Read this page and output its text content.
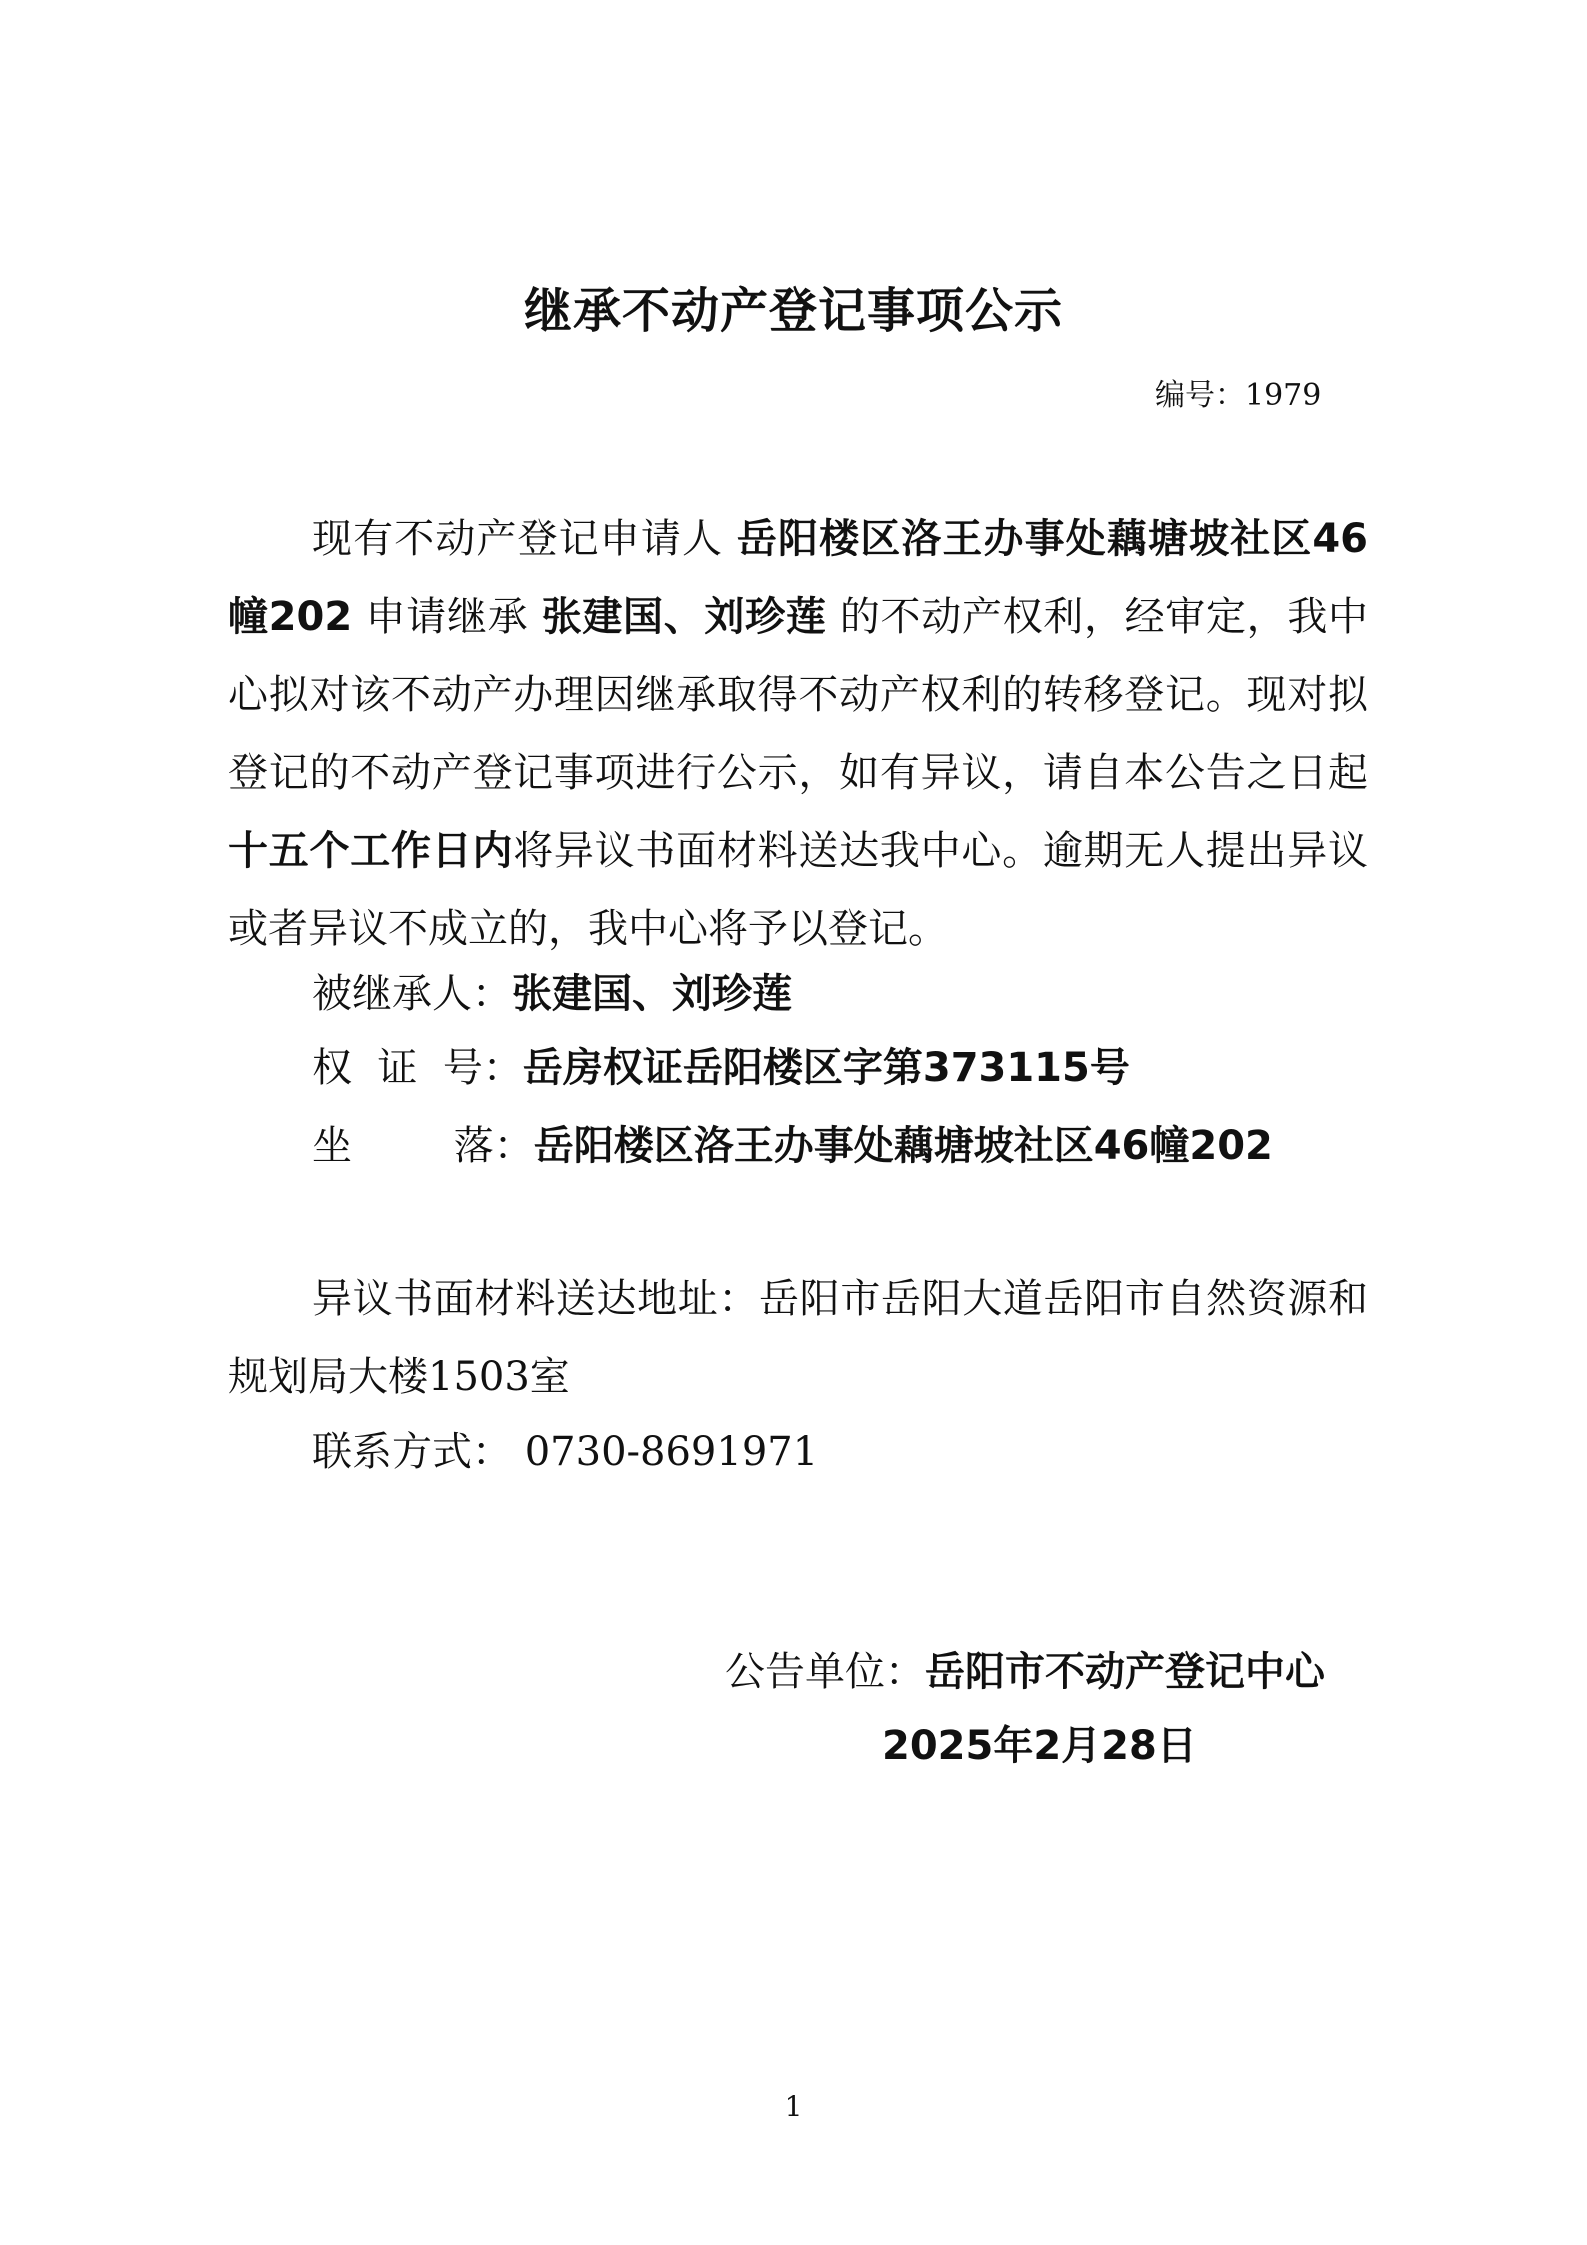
继承不动产登记事项公示
编号：1979
现有不动产登记申请人 岳阳楼区洛王办事处藕塘坡社区46幢202 申请继承 张建国、刘珍莲 的不动产权利，经审定，我中心拟对该不动产办理因继承取得不动产权利的转移登记。现对拟登记的不动产登记事项进行公示，如有异议，请自本公告之日起十五个工作日内将异议书面材料送达我中心。逾期无人提出异议或者异议不成立的，我中心将予以登记。
被继承人：张建国、刘珍莲
权  证  号：岳房权证岳阳楼区字第373115号
坐        落：岳阳楼区洛王办事处藕塘坡社区46幢202
异议书面材料送达地址：岳阳市岳阳大道岳阳市自然资源和规划局大楼1503室
联系方式： 0730-8691971
公告单位：岳阳市不动产登记中心
2025年2月28日
1
